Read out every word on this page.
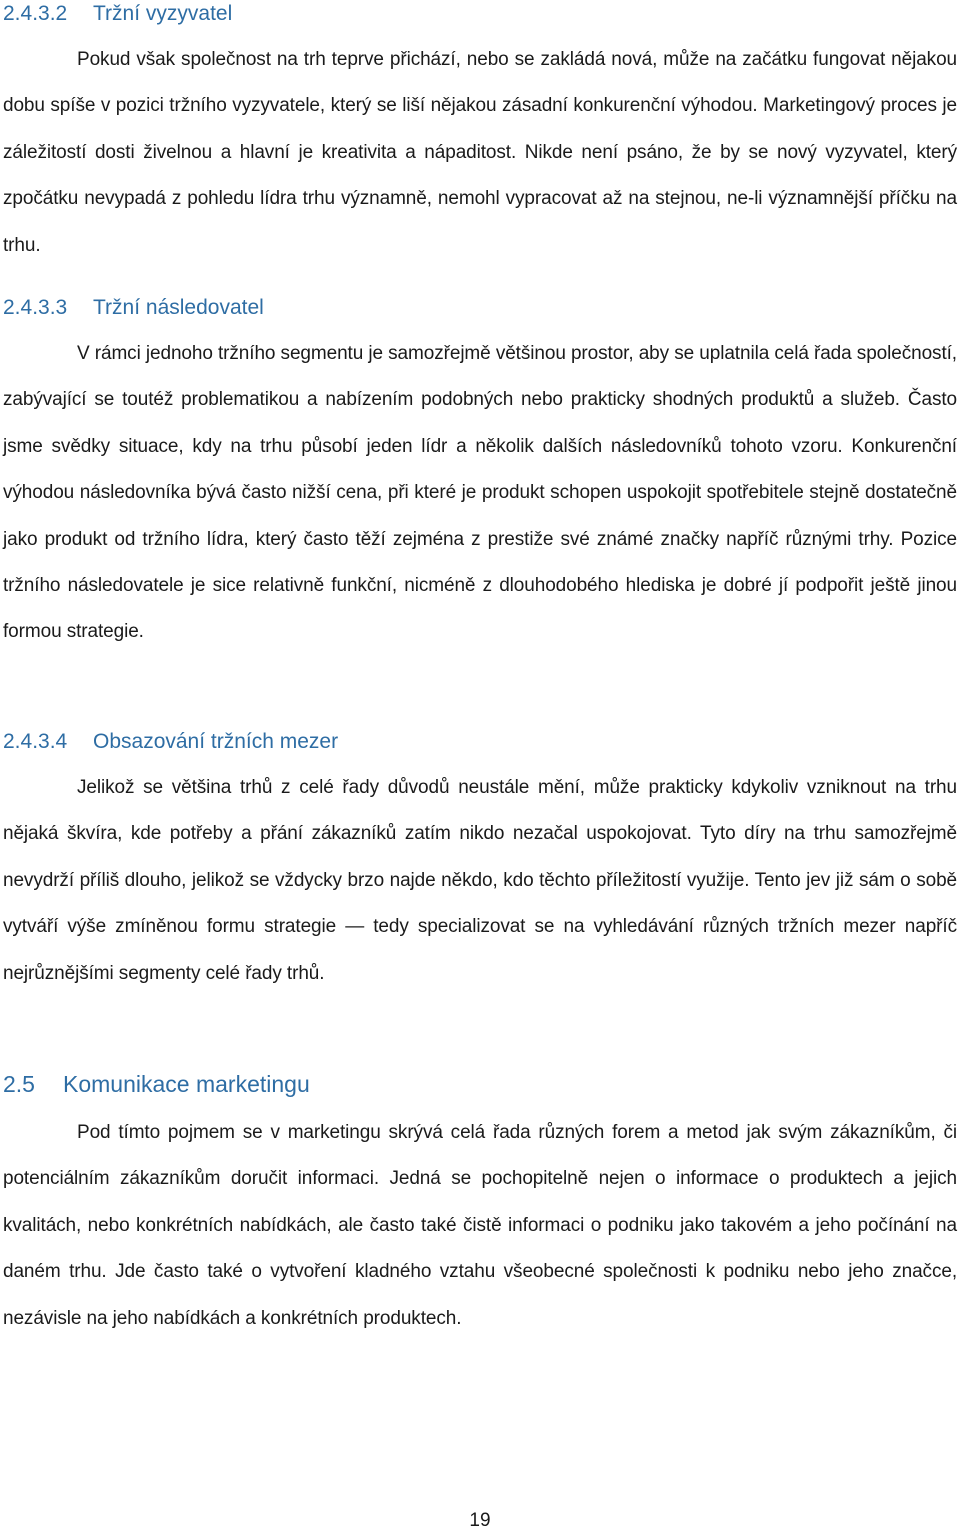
2.4.3.2 Tržní vyzyvatel

Pokud však společnost na trh teprve přichází, nebo se zakládá nová, může na začátku fungovat nějakou dobu spíše v pozici tržního vyzyvatele, který se liší nějakou zásadní konkurenční výhodou. Marketingový proces je záležitostí dosti živelnou a hlavní je kreativita a nápaditost. Nikde není psáno, že by se nový vyzyvatel, který zpočátku nevypadá z pohledu lídra trhu významně, nemohl vypracovat až na stejnou, ne-li významnější příčku na trhu.

2.4.3.3 Tržní následovatel

V rámci jednoho tržního segmentu je samozřejmě většinou prostor, aby se uplatnila celá řada společností, zabývající se toutéž problematikou a nabízením podobných nebo prakticky shodných produktů a služeb. Často jsme svědky situace, kdy na trhu působí jeden lídr a několik dalších následovníků tohoto vzoru. Konkurenční výhodou následovníka bývá často nižší cena, při které je produkt schopen uspokojit spotřebitele stejně dostatečně jako produkt od tržního lídra, který často těží zejména z prestiže své známé značky napříč různými trhy. Pozice tržního následovatele je sice relativně funkční, nicméně z dlouhodobého hlediska je dobré jí podpořit ještě jinou formou strategie.

2.4.3.4 Obsazování tržních mezer

Jelikož se většina trhů z celé řady důvodů neustále mění, může prakticky kdykoliv vzniknout na trhu nějaká škvíra, kde potřeby a přání zákazníků zatím nikdo nezačal uspokojovat. Tyto díry na trhu samozřejmě nevydrží příliš dlouho, jelikož se vždycky brzo najde někdo, kdo těchto příležitostí využije. Tento jev již sám o sobě vytváří výše zmíněnou formu strategie — tedy specializovat se na vyhledávání různých tržních mezer napříč nejrůznějšími segmenty celé řady trhů.

2.5 Komunikace marketingu

Pod tímto pojmem se v marketingu skrývá celá řada různých forem a metod jak svým zákazníkům, či potenciálním zákazníkům doručit informaci. Jedná se pochopitelně nejen o informace o produktech a jejich kvalitách, nebo konkrétních nabídkách, ale často také čistě informaci o podniku jako takovém a jeho počínání na daném trhu. Jde často také o vytvoření kladného vztahu všeobecné společnosti k podniku nebo jeho značce, nezávisle na jeho nabídkách a konkrétních produktech.

19
